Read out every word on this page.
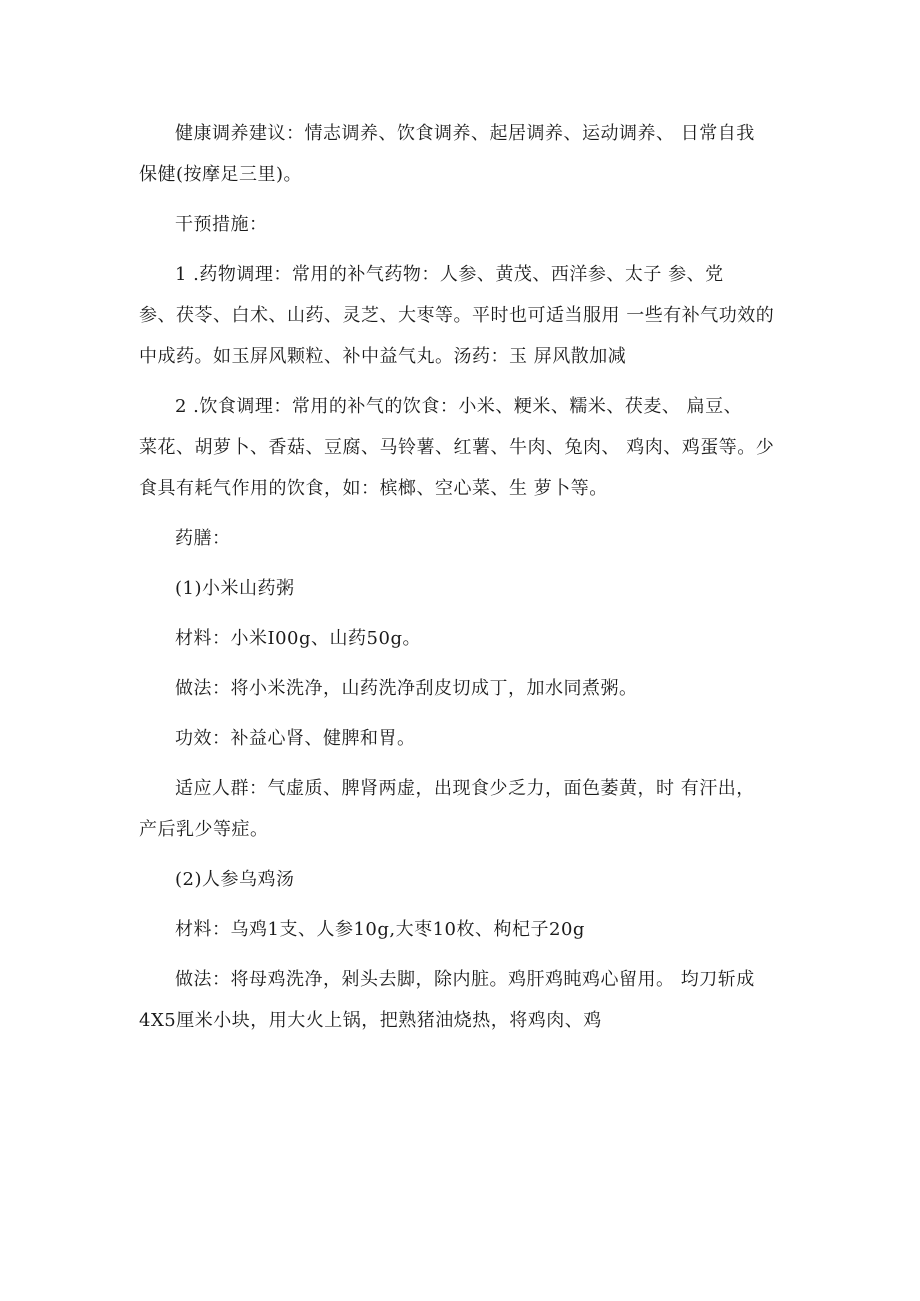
健康调养建议：情志调养、饮食调养、起居调养、运动调养、 日常自我
保健(按摩足三里)。
干预措施：
1 .药物调理：常用的补气药物：人参、黄茂、西洋参、太子 参、党
参、茯苓、白术、山药、灵芝、大枣等。平时也可适当服用 一些有补气功效的
中成药。如玉屏风颗粒、补中益气丸。汤药：玉 屏风散加减
2 .饮食调理：常用的补气的饮食：小米、粳米、糯米、茯麦、 扁豆、
菜花、胡萝卜、香菇、豆腐、马铃薯、红薯、牛肉、兔肉、 鸡肉、鸡蛋等。少
食具有耗气作用的饮食，如：槟榔、空心菜、生 萝卜等。
药膳：
(1)小米山药粥
材料：小米I00g、山药50g。
做法：将小米洗净，山药洗净刮皮切成丁，加水同煮粥。
功效：补益心肾、健脾和胃。
适应人群：气虚质、脾肾两虚，出现食少乏力，面色萎黄，时 有汗出，
产后乳少等症。
(2)人参乌鸡汤
材料：乌鸡1支、人参10g,大枣10枚、枸杞子20g
做法：将母鸡洗净，剁头去脚，除内脏。鸡肝鸡盹鸡心留用。 均刀斩成
4X5厘米小块，用大火上锅，把熟猪油烧热，将鸡肉、鸡
